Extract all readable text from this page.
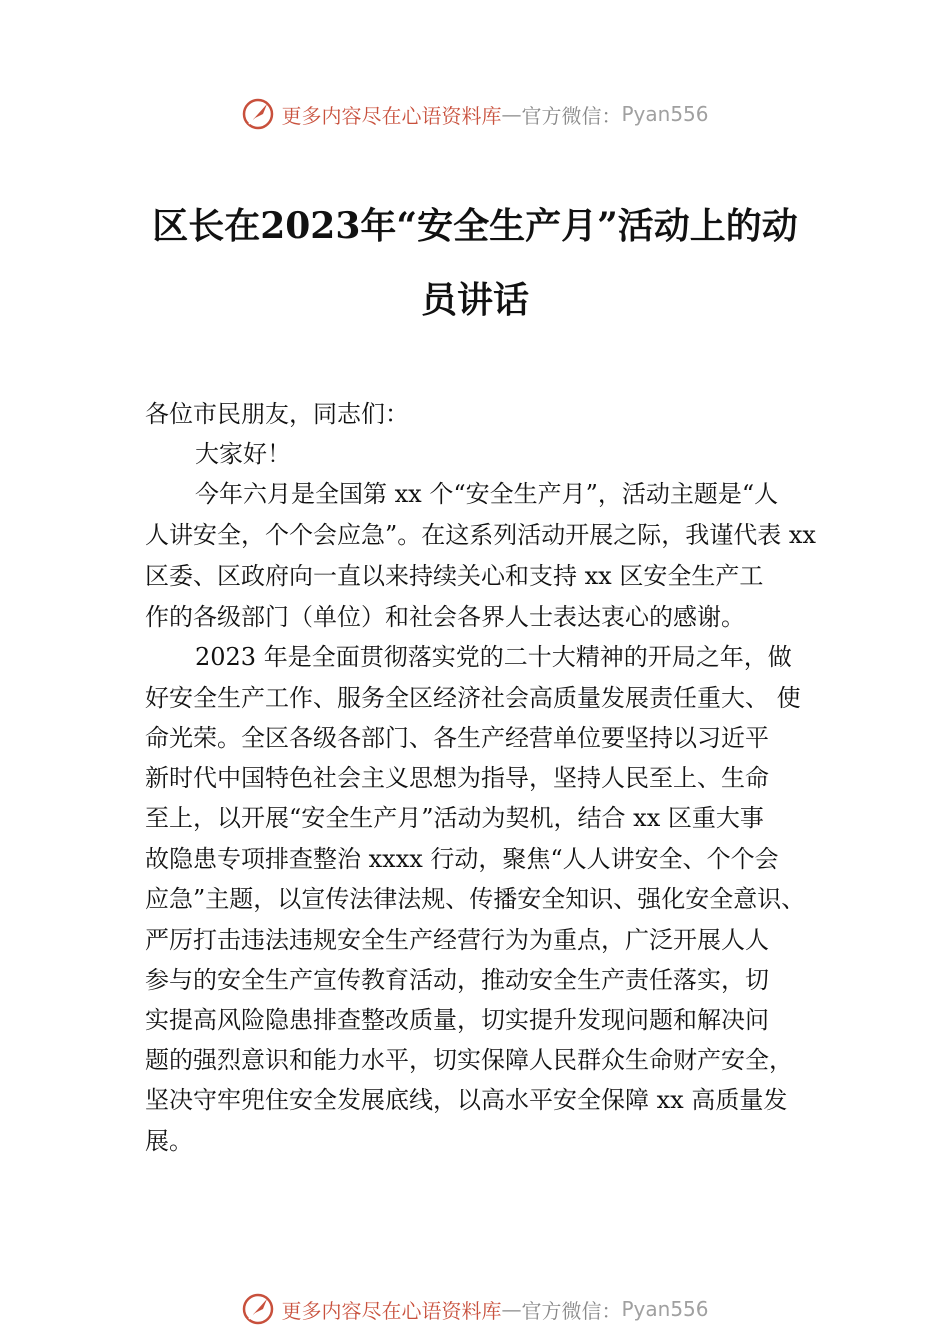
更多内容尽在心语资料库 — 官方微信： Pyan556
区长在2023年“安全生产月”活动上的动
员讲话
各位市民朋友，同志们：
大家好！
今年六月是全国第 xx 个“安全生产月”，活动主题是“人
人讲安全，个个会应急”。在这系列活动开展之际，我谨代表 xx
区委、区政府向一直以来持续关心和支持 xx 区安全生产工
作的各级部门（单位）和社会各界人士表达衷心的感谢。
2023 年是全面贯彻落实党的二十大精神的开局之年，做
好安全生产工作、服务全区经济社会高质量发展责任重大、 使
命光荣。全区各级各部门、各生产经营单位要坚持以习近平
新时代中国特色社会主义思想为指导，坚持人民至上、生命
至上，以开展“安全生产月”活动为契机，结合 xx 区重大事
故隐患专项排查整治 xxxx 行动，聚焦“人人讲安全、个个会
应急”主题，以宣传法律法规、传播安全知识、强化安全意识、
严厉打击违法违规安全生产经营行为为重点，广泛开展人人
参与的安全生产宣传教育活动，推动安全生产责任落实，切
实提高风险隐患排查整改质量，切实提升发现问题和解决问
题的强烈意识和能力水平，切实保障人民群众生命财产安全，
坚决守牢兜住安全发展底线，以高水平安全保障 xx 高质量发
展。
更多内容尽在心语资料库 — 官方微信： Pyan556
